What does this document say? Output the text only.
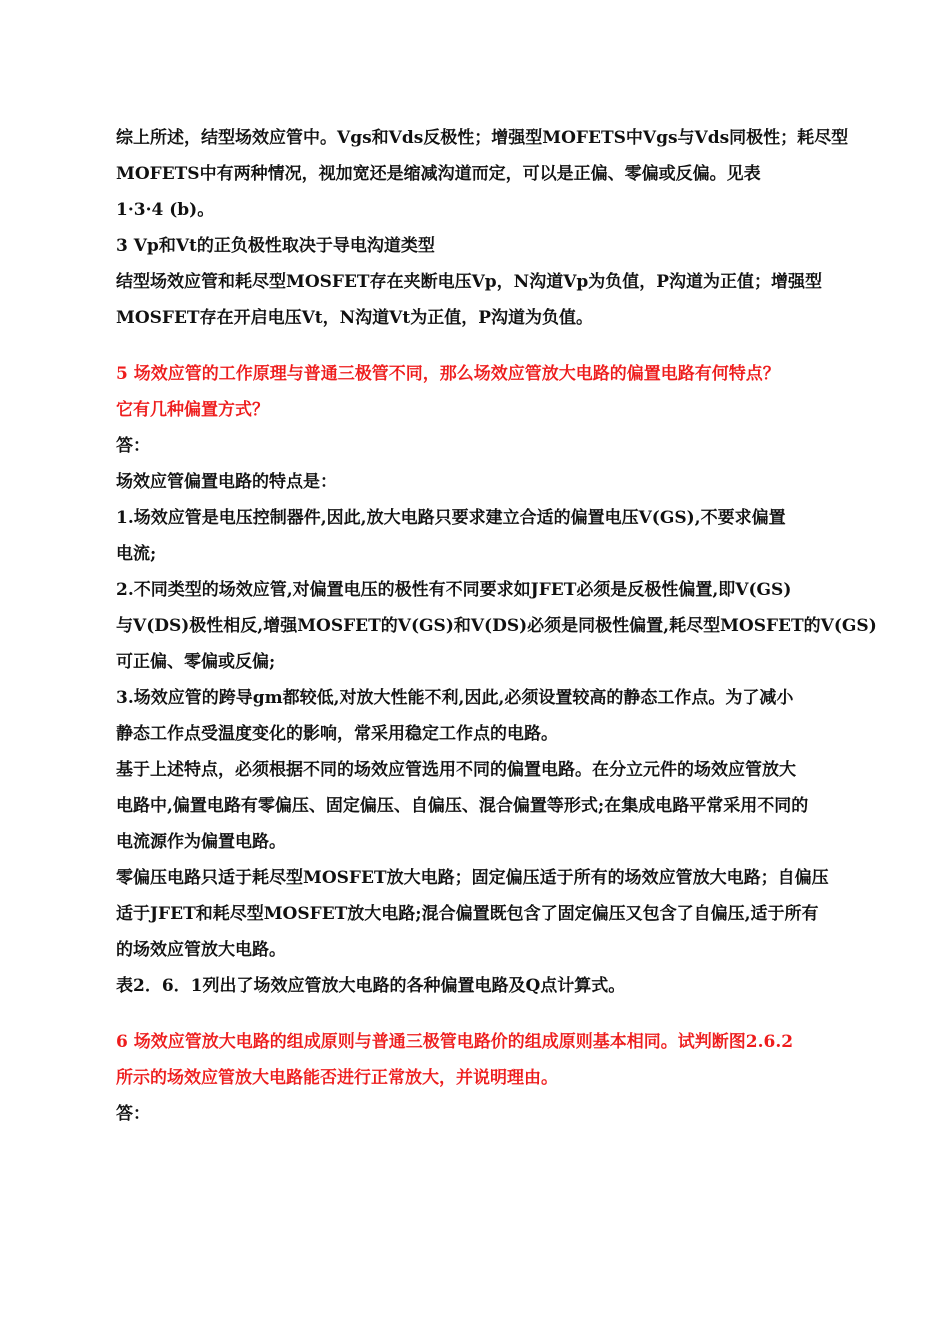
综上所述，结型场效应管中。Vgs和Vds反极性；增强型MOFETS中Vgs与Vds同极性；耗尽型
MOFETS中有两种情况，视加宽还是缩减沟道而定，可以是正偏、零偏或反偏。见表
1·3·4 (b)。
3 Vp和Vt的正负极性取决于导电沟道类型
结型场效应管和耗尽型MOSFET存在夹断电压Vp，N沟道Vp为负值，P沟道为正值；增强型
MOSFET存在开启电压Vt，N沟道Vt为正值，P沟道为负值。
5 场效应管的工作原理与普通三极管不同，那么场效应管放大电路的偏置电路有何特点？
它有几种偏置方式？
答：
场效应管偏置电路的特点是：
1.场效应管是电压控制器件,因此,放大电路只要求建立合适的偏置电压V(GS),不要求偏置
电流;
2.不同类型的场效应管,对偏置电压的极性有不同要求如JFET必须是反极性偏置,即V(GS)
与V(DS)极性相反,增强MOSFET的V(GS)和V(DS)必须是同极性偏置,耗尽型MOSFET的V(GS)
可正偏、零偏或反偏;
3.场效应管的跨导gm都较低,对放大性能不利,因此,必须设置较高的静态工作点。为了减小
静态工作点受温度变化的影响，常采用稳定工作点的电路。
基于上述特点，必须根据不同的场效应管选用不同的偏置电路。在分立元件的场效应管放大
电路中,偏置电路有零偏压、固定偏压、自偏压、混合偏置等形式;在集成电路平常采用不同的
电流源作为偏置电路。
零偏压电路只适于耗尽型MOSFET放大电路；固定偏压适于所有的场效应管放大电路；自偏压
适于JFET和耗尽型MOSFET放大电路;混合偏置既包含了固定偏压又包含了自偏压,适于所有
的场效应管放大电路。
表2．6．1列出了场效应管放大电路的各种偏置电路及Q点计算式。
6 场效应管放大电路的组成原则与普通三极管电路价的组成原则基本相同。试判断图2.6.2
所示的场效应管放大电路能否进行正常放大，并说明理由。
答：
